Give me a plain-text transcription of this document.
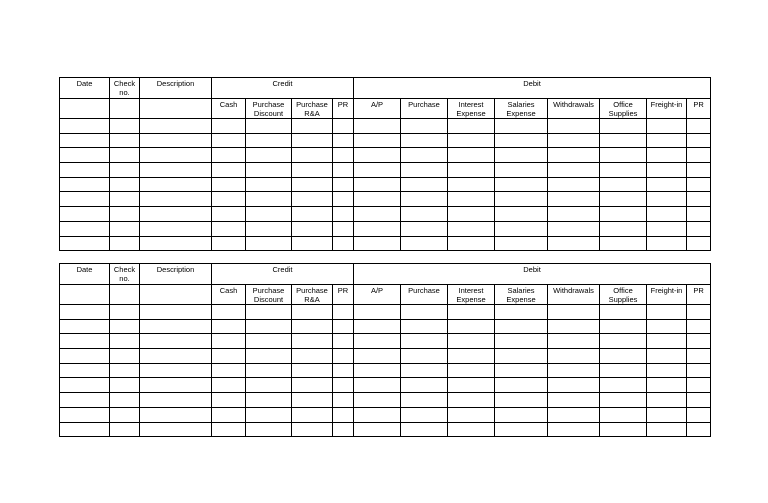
Date	Check no.	Description	Credit				Debit							
			Cash	Purchase Discount	Purchase R&A	PR	A/P	Purchase	Interest Expense	Salaries Expense	Withdrawals	Office Supplies	Freight-in	PR

Date	Check no.	Description	Credit				Debit							
			Cash	Purchase Discount	Purchase R&A	PR	A/P	Purchase	Interest Expense	Salaries Expense	Withdrawals	Office Supplies	Freight-in	PR
